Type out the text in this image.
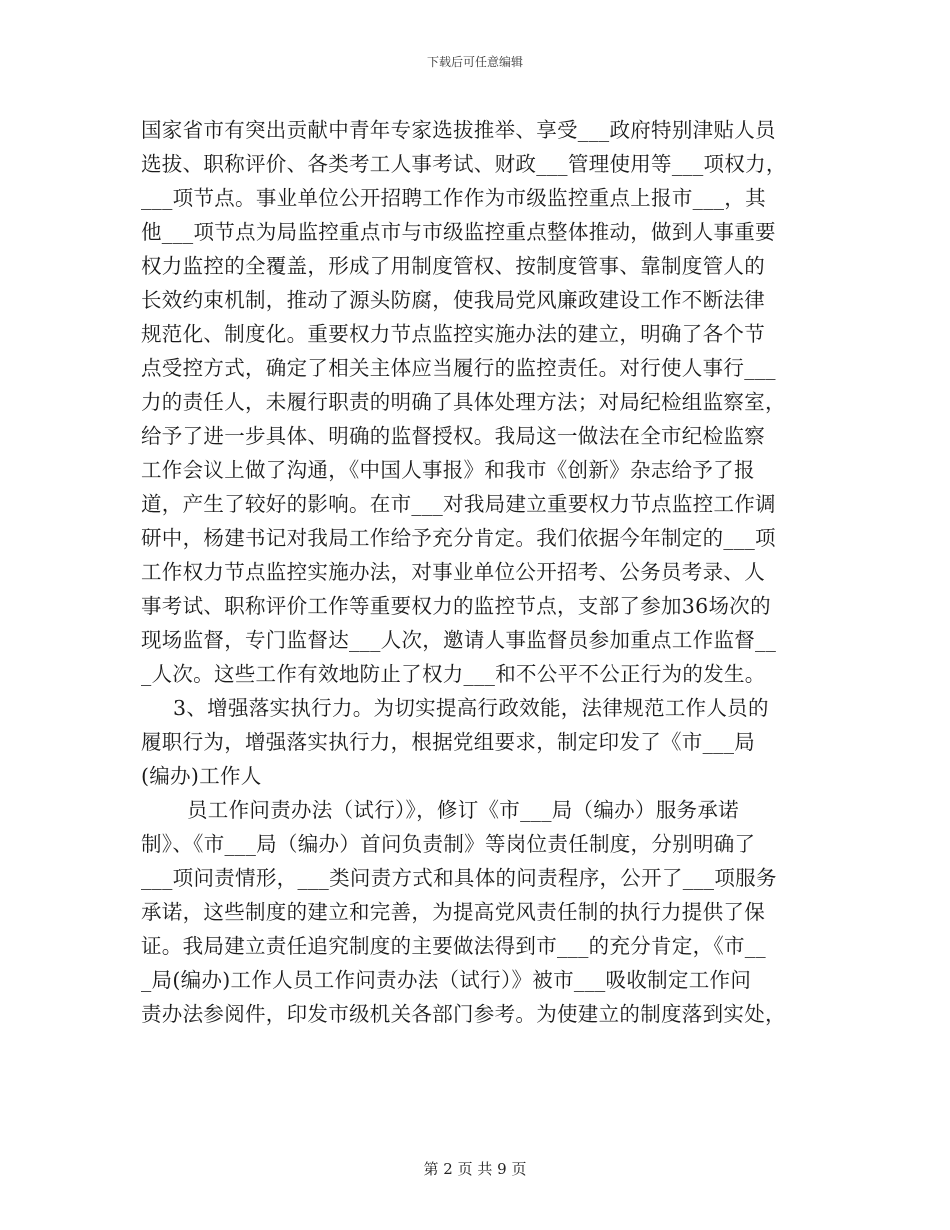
下载后可任意编辑
国家省市有突出贡献中青年专家选拔推举、享受___政府特别津贴人员
选拔、职称评价、各类考工人事考试、财政___管理使用等___项权力，
___项节点。事业单位公开招聘工作作为市级监控重点上报市___，其
他___项节点为局监控重点市与市级监控重点整体推动，做到人事重要
权力监控的全覆盖，形成了用制度管权、按制度管事、靠制度管人的
长效约束机制，推动了源头防腐，使我局党风廉政建设工作不断法律
规范化、制度化。重要权力节点监控实施办法的建立，明确了各个节
点受控方式，确定了相关主体应当履行的监控责任。对行使人事行___
力的责任人，未履行职责的明确了具体处理方法；对局纪检组监察室，
给予了进一步具体、明确的监督授权。我局这一做法在全市纪检监察
工作会议上做了沟通，《中国人事报》和我市《创新》杂志给予了报
道，产生了较好的影响。在市___对我局建立重要权力节点监控工作调
研中，杨建书记对我局工作给予充分肯定。我们依据今年制定的___项
工作权力节点监控实施办法，对事业单位公开招考、公务员考录、人
事考试、职称评价工作等重要权力的监控节点，支部了参加36场次的
现场监督，专门监督达___人次，邀请人事监督员参加重点工作监督__
_人次。这些工作有效地防止了权力___和不公平不公正行为的发生。
3、增强落实执行力。为切实提高行政效能，法律规范工作人员的
履职行为，增强落实执行力，根据党组要求，制定印发了《市___局
(编办)工作人
员工作问责办法（试行）》，修订《市___局（编办）服务承诺
制》、《市___局（编办）首问负责制》等岗位责任制度，分别明确了
___项问责情形，___类问责方式和具体的问责程序，公开了___项服务
承诺，这些制度的建立和完善，为提高党风责任制的执行力提供了保
证。我局建立责任追究制度的主要做法得到市___的充分肯定，《市__
_局(编办)工作人员工作问责办法（试行）》被市___吸收制定工作问
责办法参阅件，印发市级机关各部门参考。为使建立的制度落到实处，
第 2 页 共 9 页
